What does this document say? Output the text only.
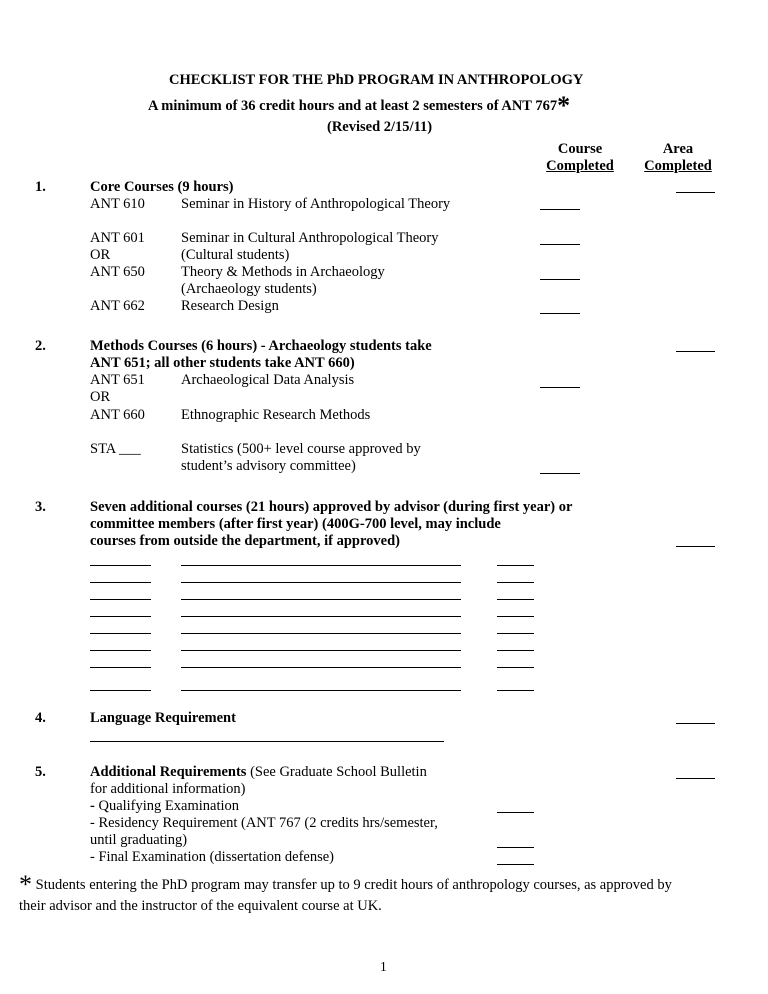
CHECKLIST FOR THE PhD PROGRAM IN ANTHROPOLOGY
A minimum of 36 credit hours and at least 2 semesters of ANT 767*
(Revised 2/15/11)
Course
Completed
Area
Completed
1.	Core Courses (9 hours)
ANT 610 Seminar in History of Anthropological Theory
ANT 601 Seminar in Cultural Anthropological Theory
OR	(Cultural students)
ANT 650 Theory & Methods in Archaeology
(Archaeology students)
ANT 662 Research Design
2.	Methods Courses (6 hours) - Archaeology students take
ANT 651; all other students take ANT 660)
ANT 651 Archaeological Data Analysis
OR
ANT 660 Ethnographic Research Methods
STA ___	Statistics (500+ level course approved by
student’s advisory committee)
3.	Seven additional courses (21 hours) approved by advisor (during first year) or
committee members (after first year) (400G-700 level, may include
courses from outside the department, if approved)
4.	Language Requirement
5.	Additional Requirements (See Graduate School Bulletin
for additional information)
- Qualifying Examination
- Residency Requirement (ANT 767 (2 credits hrs/semester,
until graduating)
- Final Examination (dissertation defense)
* Students entering the PhD program may transfer up to 9 credit hours of anthropology courses, as approved by
their advisor and the instructor of the equivalent course at UK.
1
